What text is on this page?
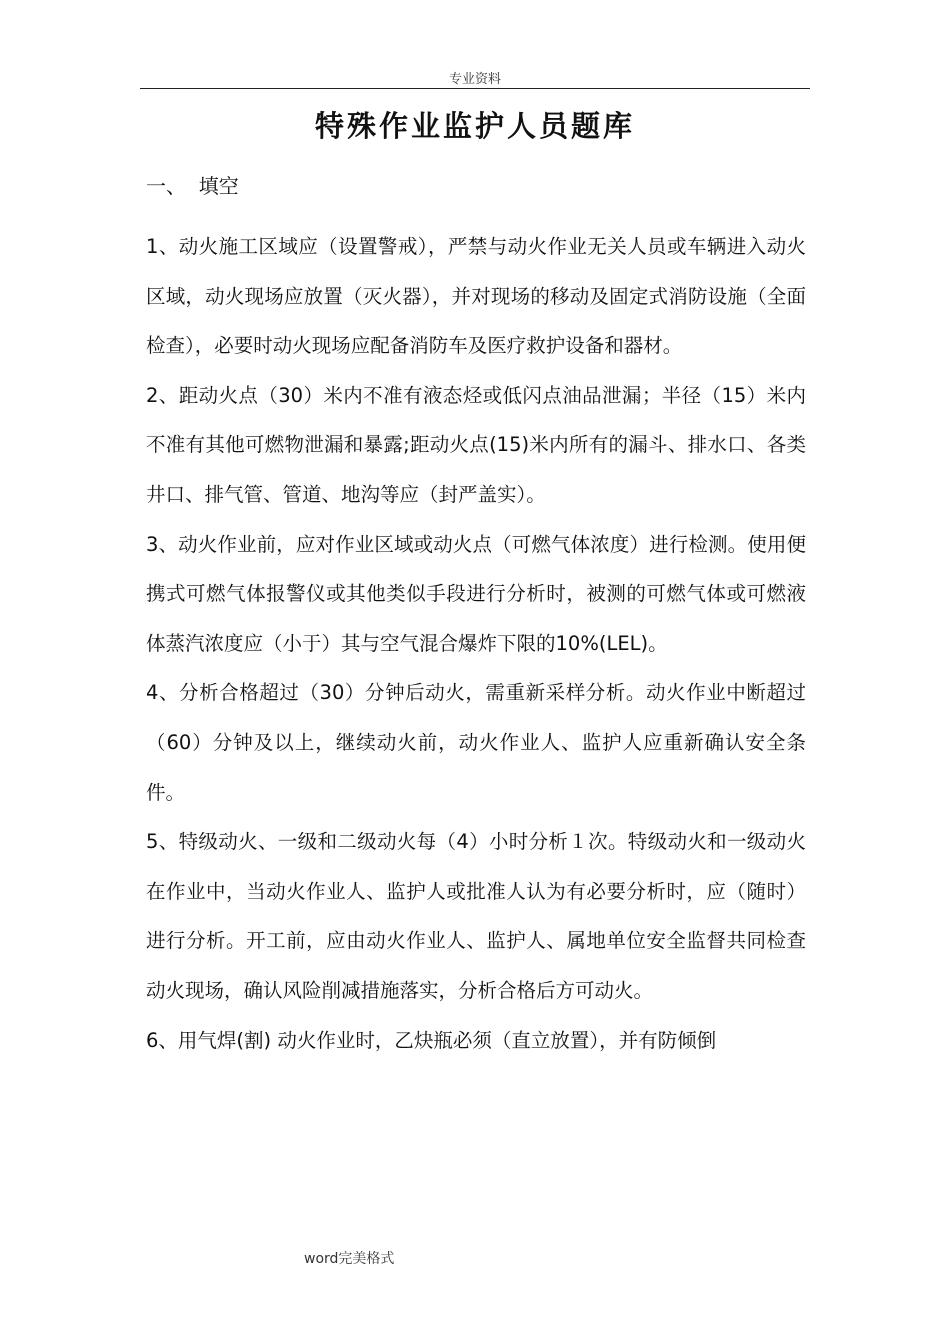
专业资料
特殊作业监护人员题库
一、  填空

1、动火施工区域应（设置警戒），严禁与动火作业无关人员或车辆进入动火区域，动火现场应放置（灭火器），并对现场的移动及固定式消防设施（全面检查），必要时动火现场应配备消防车及医疗救护设备和器材。

2、距动火点（30）米内不准有液态烃或低闪点油品泄漏；半径（15）米内不准有其他可燃物泄漏和暴露;距动火点(15)米内所有的漏斗、排水口、各类井口、排气管、管道、地沟等应（封严盖实）。

3、动火作业前，应对作业区域或动火点（可燃气体浓度）进行检测。使用便携式可燃气体报警仪或其他类似手段进行分析时，被测的可燃气体或可燃液体蒸汽浓度应（小于）其与空气混合爆炸下限的10%(LEL)。

4、分析合格超过（30）分钟后动火，需重新采样分析。动火作业中断超过（60）分钟及以上，继续动火前，动火作业人、监护人应重新确认安全条件。

5、特级动火、一级和二级动火每（4）小时分析１次。特级动火和一级动火在作业中，当动火作业人、监护人或批准人认为有必要分析时，应（随时）进行分析。开工前，应由动火作业人、监护人、属地单位安全监督共同检查动火现场，确认风险削减措施落实，分析合格后方可动火。

6、用气焊(割) 动火作业时，乙炔瓶必须（直立放置），并有防倾倒

word完美格式
